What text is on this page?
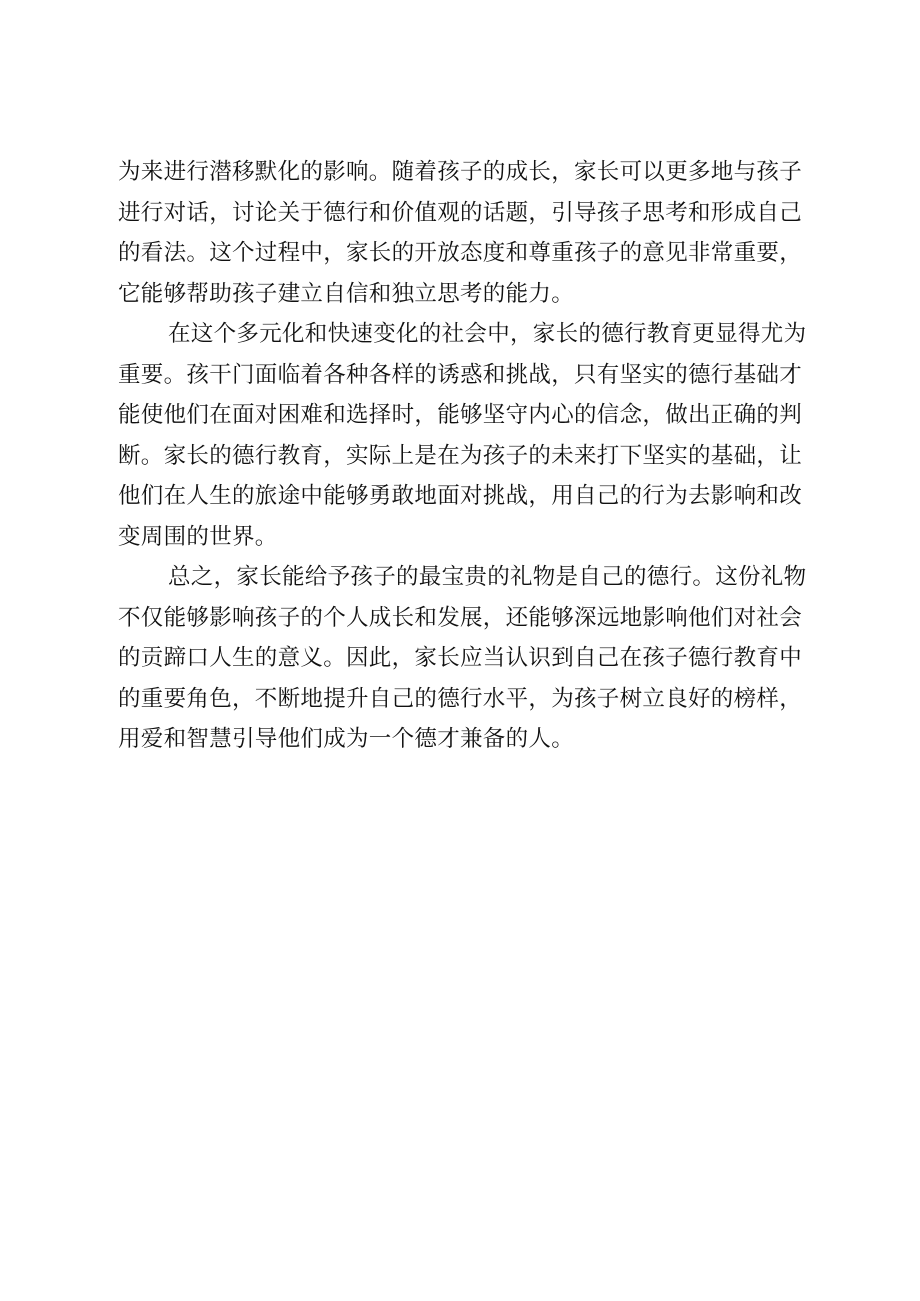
为来进行潜移默化的影响。随着孩子的成长，家长可以更多地与孩子
进行对话，讨论关于德行和价值观的话题，引导孩子思考和形成自己
的看法。这个过程中，家长的开放态度和尊重孩子的意见非常重要，
它能够帮助孩子建立自信和独立思考的能力。
在这个多元化和快速变化的社会中，家长的德行教育更显得尤为
重要。孩干门面临着各种各样的诱惑和挑战，只有坚实的德行基础才
能使他们在面对困难和选择时，能够坚守内心的信念，做出正确的判
断。家长的德行教育，实际上是在为孩子的未来打下坚实的基础，让
他们在人生的旅途中能够勇敢地面对挑战，用自己的行为去影响和改
变周围的世界。
总之，家长能给予孩子的最宝贵的礼物是自己的德行。这份礼物
不仅能够影响孩子的个人成长和发展，还能够深远地影响他们对社会
的贡蹄口人生的意义。因此，家长应当认识到自己在孩子德行教育中
的重要角色，不断地提升自己的德行水平，为孩子树立良好的榜样，
用爱和智慧引导他们成为一个德才兼备的人。
